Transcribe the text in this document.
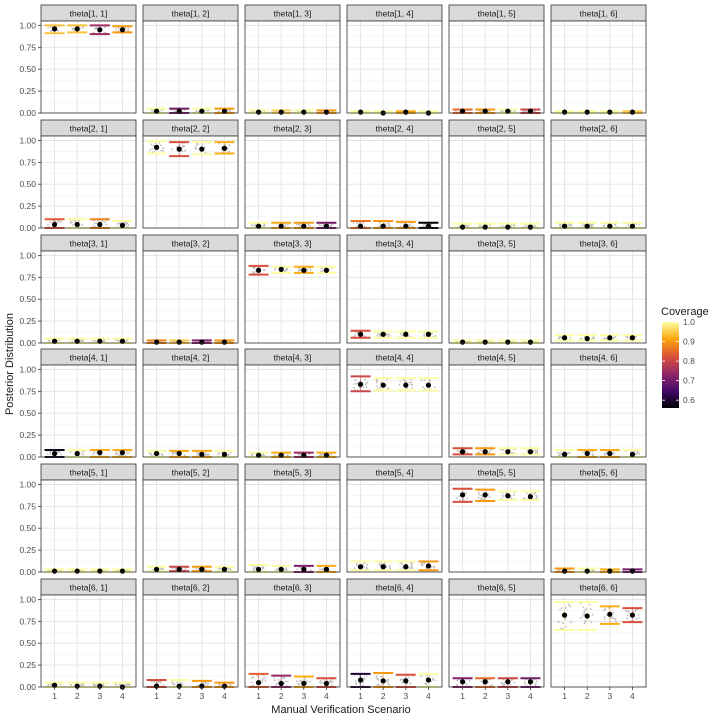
theta[1, 1]
0.00
0.25
0.50
0.75
1.00
theta[1, 2]	theta[1, 3]	theta[1, 4]	theta[1, 5]	theta[1, 6]
theta[2, 1]
0.00
0.25
0.50
0.75
1.00
theta[2, 2]	theta[2, 3]	theta[2, 4]	theta[2, 5]	theta[2, 6]
theta[3, 1]
0.00
0.25
0.50
0.75
1.00
theta[3, 2]	theta[3, 3]	theta[3, 4]	theta[3, 5]	theta[3, 6]
theta[4, 1]
0.00
0.25
0.50
0.75
1.00
theta[4, 2]	theta[4, 3]	theta[4, 4]	theta[4, 5]	theta[4, 6]
theta[5, 1]
0.00
0.25
0.50
0.75
1.00
theta[5, 2]	theta[5, 3]	theta[5, 4]	theta[5, 5]	theta[5, 6]
theta[6, 1]
0.00
0.25
0.50
0.75
1.00
1 2 3 4
theta[6, 2]
1 2 3 4
theta[6, 3]
1 2 3 4
theta[6, 4]
1 2 3 4
theta[6, 5]
1 2 3 4
theta[6, 6]
1 2 3 4
Posterior Distribution
Manual Verification Scenario
Coverage
1.0
0.9
0.8
0.7
0.6
